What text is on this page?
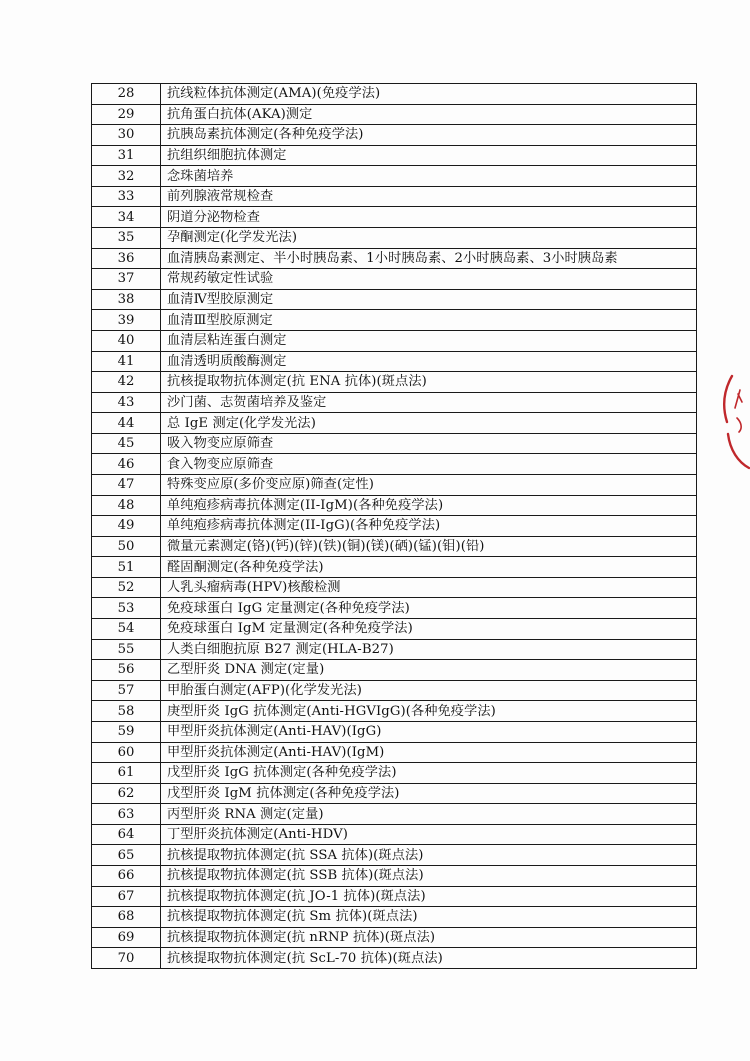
28	抗线粒体抗体测定(AMA)(免疫学法)
29	抗角蛋白抗体(AKA)测定
30	抗胰岛素抗体测定(各种免疫学法)
31	抗组织细胞抗体测定
32	念珠菌培养
33	前列腺液常规检查
34	阴道分泌物检查
35	孕酮测定(化学发光法)
36	血清胰岛素测定、半小时胰岛素、1小时胰岛素、2小时胰岛素、3小时胰岛素
37	常规药敏定性试验
38	血清Ⅳ型胶原测定
39	血清Ⅲ型胶原测定
40	血清层粘连蛋白测定
41	血清透明质酸酶测定
42	抗核提取物抗体测定(抗 ENA 抗体)(斑点法)
43	沙门菌、志贺菌培养及鉴定
44	总 IgE 测定(化学发光法)
45	吸入物变应原筛查
46	食入物变应原筛查
47	特殊变应原(多价变应原)筛查(定性)
48	单纯疱疹病毒抗体测定(II-IgM)(各种免疫学法)
49	单纯疱疹病毒抗体测定(II-IgG)(各种免疫学法)
50	微量元素测定(铬)(钙)(锌)(铁)(铜)(镁)(硒)(锰)(钼)(铅)
51	醛固酮测定(各种免疫学法)
52	人乳头瘤病毒(HPV)核酸检测
53	免疫球蛋白 IgG 定量测定(各种免疫学法)
54	免疫球蛋白 IgM 定量测定(各种免疫学法)
55	人类白细胞抗原 B27 测定(HLA-B27)
56	乙型肝炎 DNA 测定(定量)
57	甲胎蛋白测定(AFP)(化学发光法)
58	庚型肝炎 IgG 抗体测定(Anti-HGVIgG)(各种免疫学法)
59	甲型肝炎抗体测定(Anti-HAV)(IgG)
60	甲型肝炎抗体测定(Anti-HAV)(IgM)
61	戊型肝炎 IgG 抗体测定(各种免疫学法)
62	戊型肝炎 IgM 抗体测定(各种免疫学法)
63	丙型肝炎 RNA 测定(定量)
64	丁型肝炎抗体测定(Anti-HDV)
65	抗核提取物抗体测定(抗 SSA 抗体)(斑点法)
66	抗核提取物抗体测定(抗 SSB 抗体)(斑点法)
67	抗核提取物抗体测定(抗 JO-1 抗体)(斑点法)
68	抗核提取物抗体测定(抗 Sm 抗体)(斑点法)
69	抗核提取物抗体测定(抗 nRNP 抗体)(斑点法)
70	抗核提取物抗体测定(抗 ScL-70 抗体)(斑点法)
